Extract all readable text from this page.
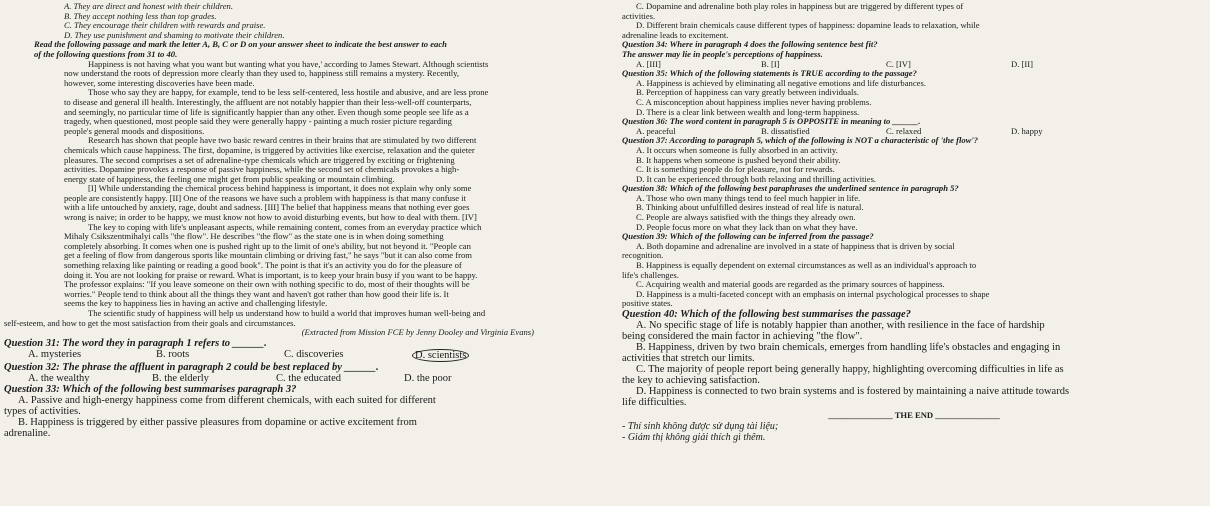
A. They are direct and honest with their children.
B. They accept nothing less than top grades.
C. They encourage their children with rewards and praise.
D. They use punishment and shaming to motivate their children.
Read the following passage and mark the letter A, B, C or D on your answer sheet to indicate the best answer to each
of the following questions from 31 to 40.
Happiness is not having what you want but wanting what you have,' according to James Stewart. Although scientists
now understand the roots of depression more clearly than they used to, happiness still remains a mystery. Recently,
however, some interesting discoveries have been made.
Those who say they are happy, for example, tend to be less self-centered, less hostile and abusive, and are less prone
to disease and general ill health. Interestingly, the affluent are not notably happier than their less-well-off counterparts,
and seemingly, no particular time of life is significantly happier than any other. Even though some people see life as a
tragedy, when questioned, most people said they were generally happy - painting a much rosier picture regarding
people's general moods and dispositions.
Research has shown that people have two basic reward centres in their brains that are stimulated by two different
chemicals which cause happiness. The first, dopamine, is triggered by activities like exercise, relaxation and the quieter
pleasures. The second comprises a set of adrenaline-type chemicals which are triggered by exciting or frightening
activities. Dopamine provokes a response of passive happiness, while the second set of chemicals provokes a high-
energy state of happiness, the feeling one might get from public speaking or mountain climbing.
[I] While understanding the chemical process behind happiness is important, it does not explain why only some
people are consistently happy. [II] One of the reasons we have such a problem with happiness is that many confuse it
with a life untouched by anxiety, rage, doubt and sadness. [III] The belief that happiness means that nothing ever goes
wrong is naive; in order to be happy, we must know not how to avoid disturbing events, but how to deal with them. [IV]
The key to coping with life's unpleasant aspects, while remaining content, comes from an everyday practice which
Mihaly Csikszentmihalyi calls "the flow". He describes "the flow" as the state one is in when doing something
completely absorbing. It comes when one is pushed right up to the limit of one's ability, but not beyond it. "People can
get a feeling of flow from dangerous sports like mountain climbing or driving fast," he says "but it can also come from
something relaxing like painting or reading a good book". The point is that it's an activity you do for the pleasure of
doing it. You are not looking for praise or reward. What is important, is to keep your brain busy if you want to be happy.
The professor explains: "If you leave someone on their own with nothing specific to do, most of their thoughts will be
worries." People tend to think about all the things they want and haven't got rather than how good their life is. It
seems the key to happiness lies in having an active and challenging lifestyle.
The scientific study of happiness will help us understand how to build a world that improves human well-being and
self-esteem, and how to get the most satisfaction from their goals and circumstances.
(Extracted from Mission FCE by Jenny Dooley and Virginia Evans)
Question 31: The word they in paragraph 1 refers to ______.
A. mysteries	B. roots	C. discoveries	D. scientists
Question 32: The phrase the affluent in paragraph 2 could be best replaced by ______.
A. the wealthy	B. the elderly	C. the educated	D. the poor
Question 33: Which of the following best summarises paragraph 3?
A. Passive and high-energy happiness come from different chemicals, with each suited for different
types of activities.
B. Happiness is triggered by either passive pleasures from dopamine or active excitement from
adrenaline.
C. Dopamine and adrenaline both play roles in happiness but are triggered by different types of
activities.
D. Different brain chemicals cause different types of happiness: dopamine leads to relaxation, while
adrenaline leads to excitement.
Question 34: Where in paragraph 4 does the following sentence best fit?
The answer may lie in people's perceptions of happiness.
A. [III]	B. [I]	C. [IV]	D. [II]
Question 35: Which of the following statements is TRUE according to the passage?
A. Happiness is achieved by eliminating all negative emotions and life disturbances.
B. Perception of happiness can vary greatly between individuals.
C. A misconception about happiness implies never having problems.
D. There is a clear link between wealth and long-term happiness.
Question 36: The word content in paragraph 5 is OPPOSITE in meaning to ______.
A. peaceful	B. dissatisfied	C. relaxed	D. happy
Question 37: According to paragraph 5, which of the following is NOT a characteristic of 'the flow'?
A. It occurs when someone is fully absorbed in an activity.
B. It happens when someone is pushed beyond their ability.
C. It is something people do for pleasure, not for rewards.
D. It can be experienced through both relaxing and thrilling activities.
Question 38: Which of the following best paraphrases the underlined sentence in paragraph 5?
A. Those who own many things tend to feel much happier in life.
B. Thinking about unfulfilled desires instead of real life is natural.
C. People are always satisfied with the things they already own.
D. People focus more on what they lack than on what they have.
Question 39: Which of the following can be inferred from the passage?
A. Both dopamine and adrenaline are involved in a state of happiness that is driven by social
recognition.
B. Happiness is equally dependent on external circumstances as well as an individual's approach to
life's challenges.
C. Acquiring wealth and material goods are regarded as the primary sources of happiness.
D. Happiness is a multi-faceted concept with an emphasis on internal psychological processes to shape
positive states.
Question 40: Which of the following best summarises the passage?
A. No specific stage of life is notably happier than another, with resilience in the face of hardship
being considered the main factor in achieving "the flow".
B. Happiness, driven by two brain chemicals, emerges from handling life's obstacles and engaging in
activities that stretch our limits.
C. The majority of people report being generally happy, highlighting overcoming difficulties in life as
the key to achieving satisfaction.
D. Happiness is connected to two brain systems and is fostered by maintaining a naive attitude towards
life difficulties.
_______________ THE END _______________
- Thí sinh không được sử dụng tài liệu;
- Giám thị không giải thích gì thêm.
